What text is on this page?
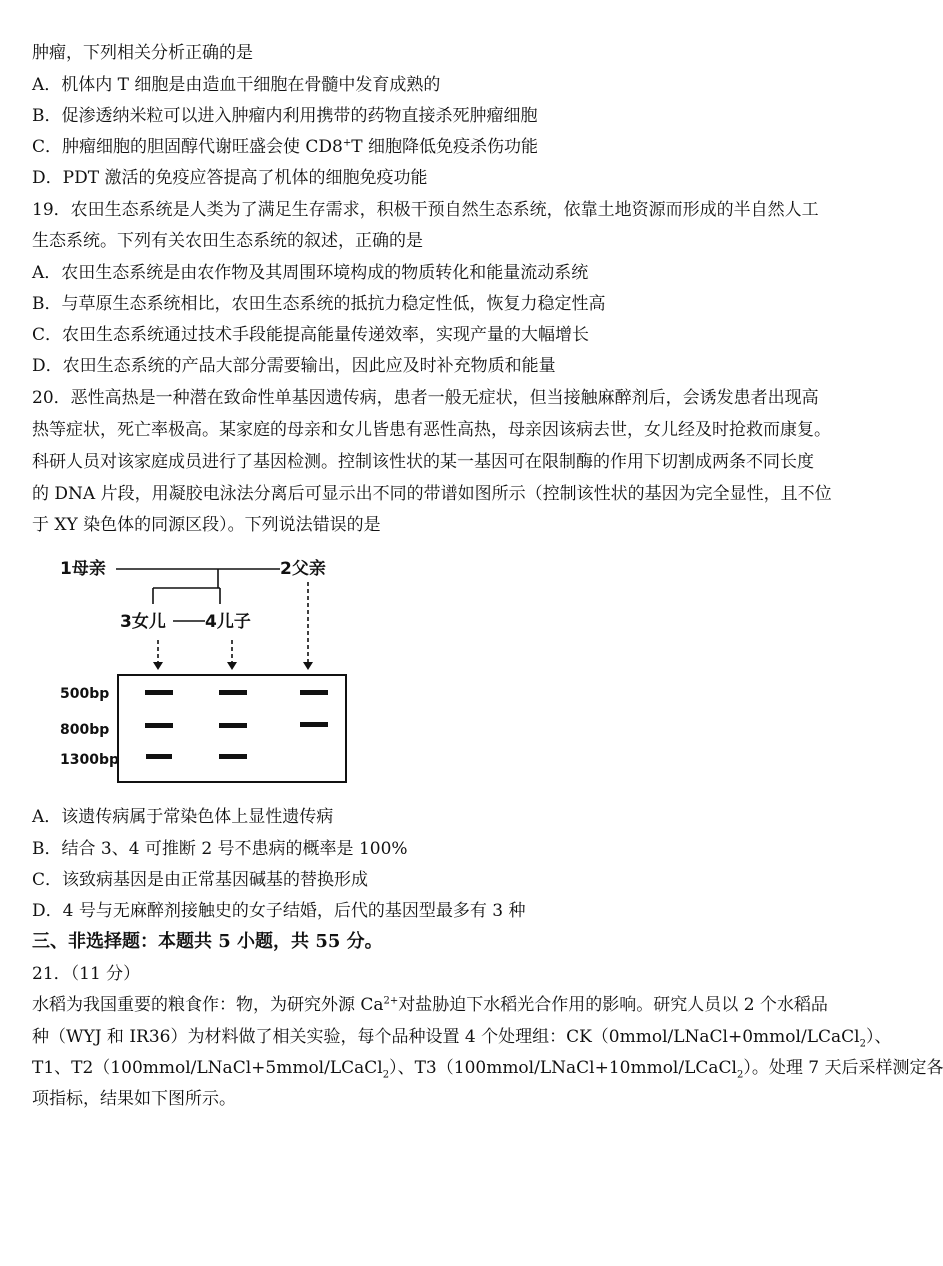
肿瘤，下列相关分析正确的是
A．机体内 T 细胞是由造血干细胞在骨髓中发育成熟的
B．促渗透纳米粒可以进入肿瘤内利用携带的药物直接杀死肿瘤细胞
C．肿瘤细胞的胆固醇代谢旺盛会使 CD8+T 细胞降低免疫杀伤功能
D．PDT 激活的免疫应答提高了机体的细胞免疫功能
19．农田生态系统是人类为了满足生存需求，积极干预自然生态系统，依靠土地资源而形成的半自然人工
生态系统。下列有关农田生态系统的叙述，正确的是
A．农田生态系统是由农作物及其周围环境构成的物质转化和能量流动系统
B．与草原生态系统相比，农田生态系统的抵抗力稳定性低，恢复力稳定性高
C．农田生态系统通过技术手段能提高能量传递效率，实现产量的大幅增长
D．农田生态系统的产品大部分需要输出，因此应及时补充物质和能量
20．恶性高热是一种潜在致命性单基因遗传病，患者一般无症状，但当接触麻醉剂后，会诱发患者出现高
热等症状，死亡率极高。某家庭的母亲和女儿皆患有恶性高热，母亲因该病去世，女儿经及时抢救而康复。
科研人员对该家庭成员进行了基因检测。控制该性状的某一基因可在限制酶的作用下切割成两条不同长度
的 DNA 片段，用凝胶电泳法分离后可显示出不同的带谱如图所示（控制该性状的基因为完全显性，且不位
于 XY 染色体的同源区段）。下列说法错误的是
1母亲	2父亲
3女儿 4儿子
500bp
800bp
1300bp
A．该遗传病属于常染色体上显性遗传病
B．结合 3、4 可推断 2 号不患病的概率是 100%
C．该致病基因是由正常基因碱基的替换形成
D．4 号与无麻醉剂接触史的女子结婚，后代的基因型最多有 3 种
三、非选择题：本题共 5 小题，共 55 分。
21．（11 分）
水稻为我国重要的粮食作：物，为研究外源 $Ca^{2+}$对盐胁迫下水稻光合作用的影响。研究人员以 2 个水稻品
种（WYJ 和 IR36）为材料做了相关实验，每个品种设置 4 个处理组：CK（0mmol/LNaCl+0mmol/LCaCl$_2$）、
T1、T2（100mmol/LNaCl+5mmol/LCaCl$_2$）、T3（100mmol/LNaCl+10mmol/LCaCl$_2$）。处理 7 天后采样测定各
项指标，结果如下图所示。
